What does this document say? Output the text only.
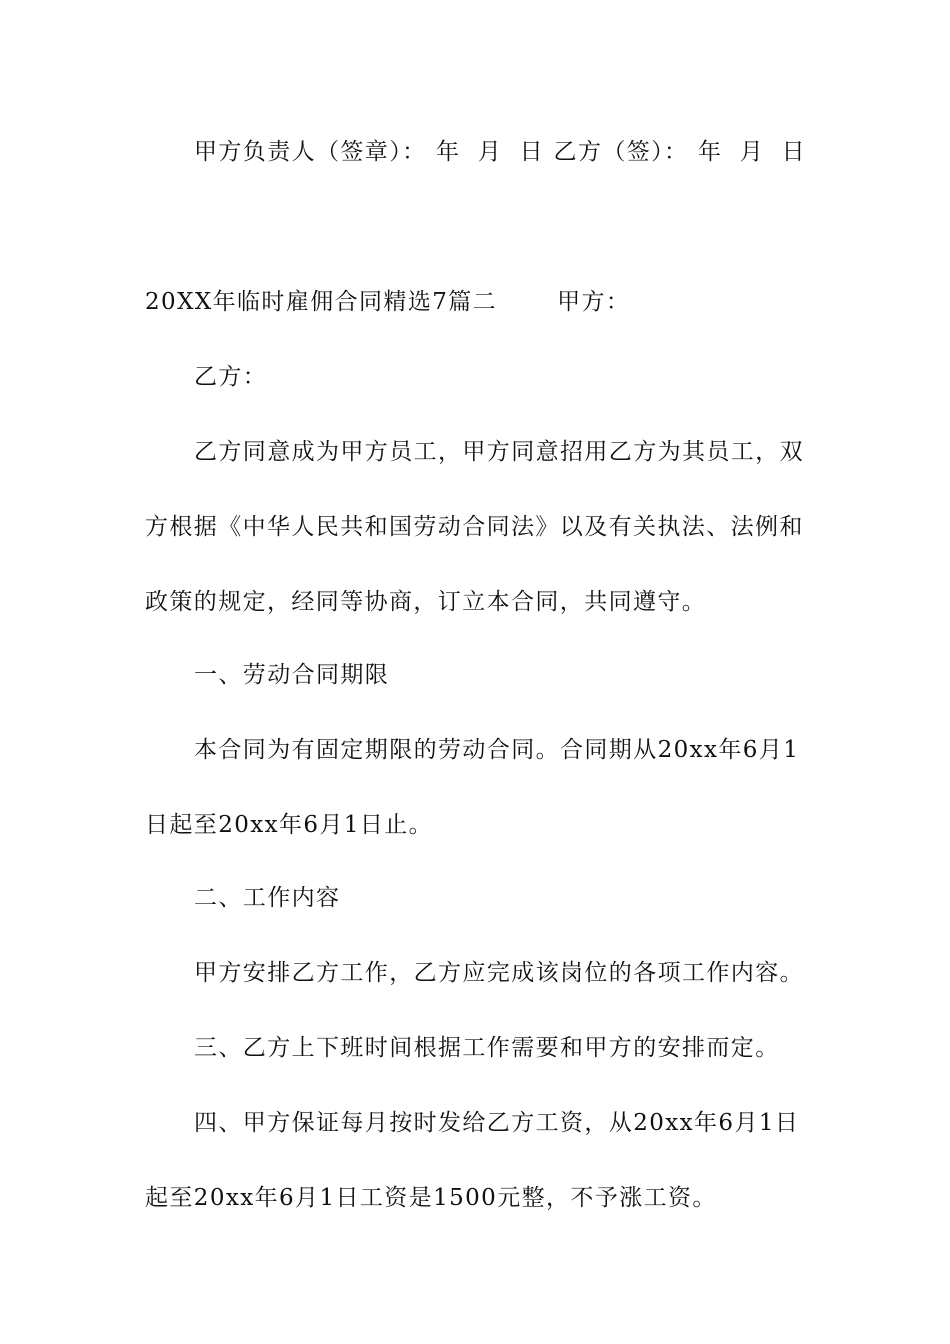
甲方负责人（签章）： 年  月  日 乙方（签）： 年  月  日
20XX年临时雇佣合同精选7篇二	甲方：
乙方：
乙方同意成为甲方员工，甲方同意招用乙方为其员工，双
方根据《中华人民共和国劳动合同法》以及有关执法、法例和
政策的规定，经同等协商，订立本合同，共同遵守。
一、劳动合同期限
本合同为有固定期限的劳动合同。合同期从20xx年6月1
日起至20xx年6月1日止。
二、工作内容
甲方安排乙方工作，乙方应完成该岗位的各项工作内容。
三、乙方上下班时间根据工作需要和甲方的安排而定。
四、甲方保证每月按时发给乙方工资，从20xx年6月1日
起至20xx年6月1日工资是1500元整，不予涨工资。
